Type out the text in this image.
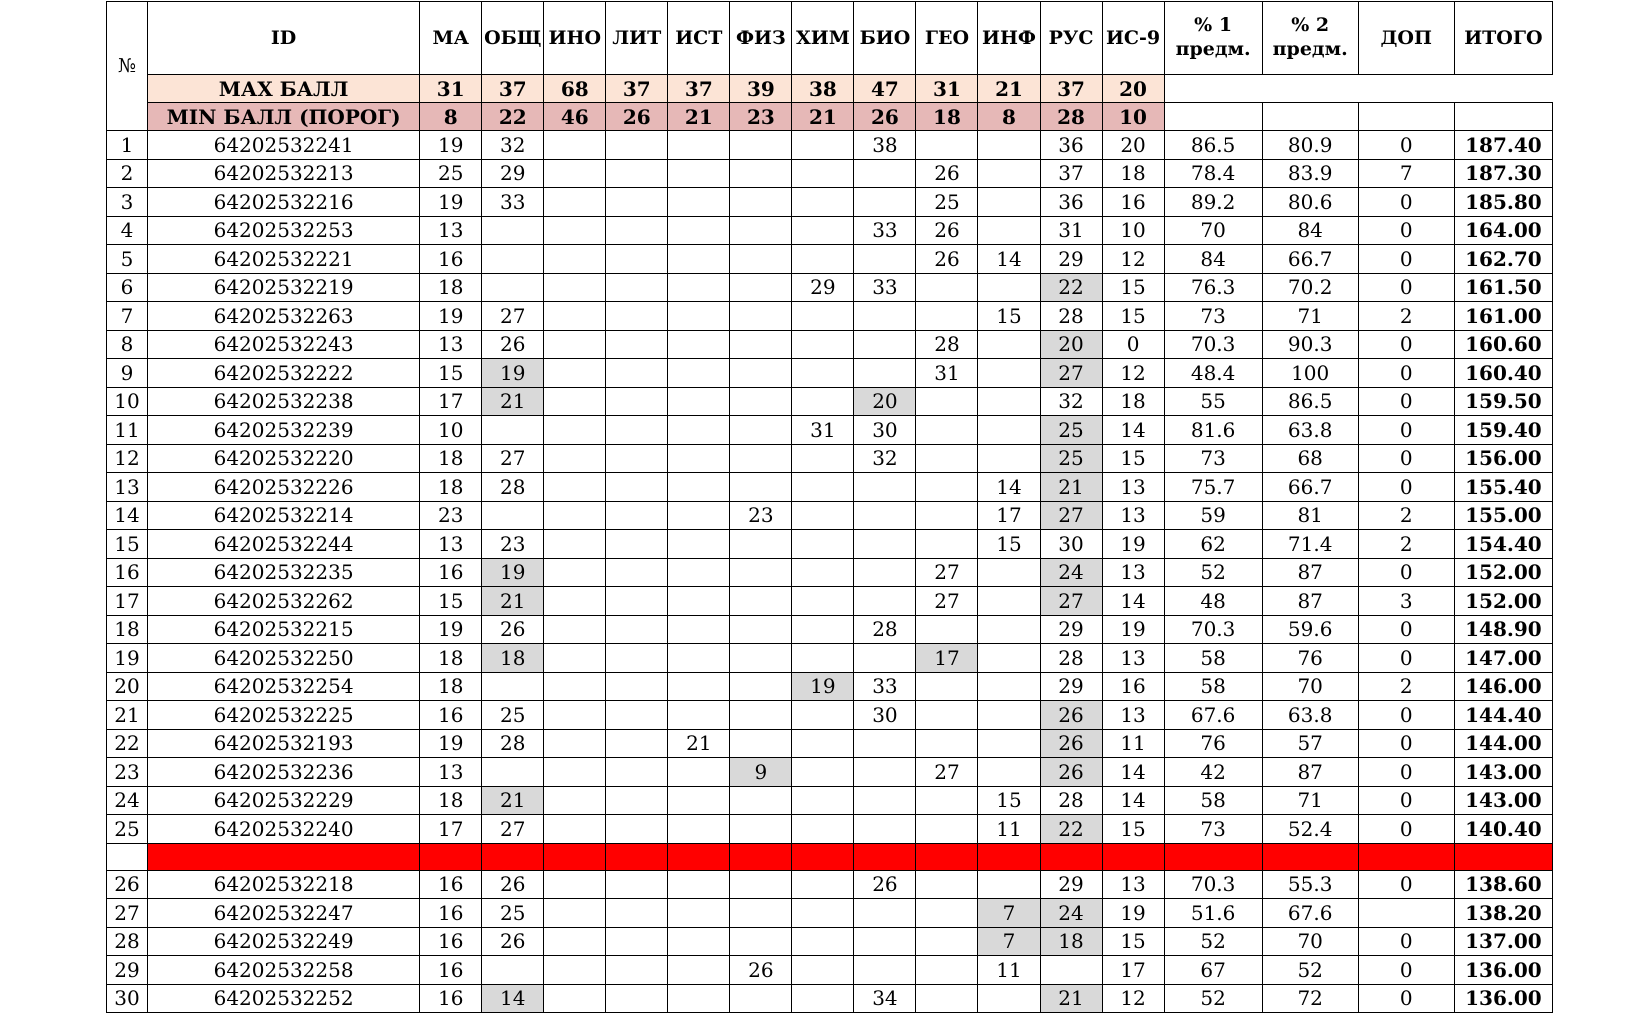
№	ID	МА	ОБЩ	ИНО	ЛИТ	ИСТ	ФИЗ	ХИМ	БИО	ГЕО	ИНФ	РУС	ИС-9	% 1 предм.	% 2 предм.	ДОП	ИТОГО
	МАХ БАЛЛ	31	37	68	37	37	39	38	47	31	21	37	20				
	MIN БАЛЛ (ПОРОГ)	8	22	46	26	21	23	21	26	18	8	28	10				
1	64202532241	19	32						38			36	20	86.5	80.9	0	187.40
2	64202532213	25	29							26		37	18	78.4	83.9	7	187.30
3	64202532216	19	33							25		36	16	89.2	80.6	0	185.80
4	64202532253	13							33	26		31	10	70	84	0	164.00
5	64202532221	16								26	14	29	12	84	66.7	0	162.70
6	64202532219	18						29	33			22	15	76.3	70.2	0	161.50
7	64202532263	19	27								15	28	15	73	71	2	161.00
8	64202532243	13	26							28		20	0	70.3	90.3	0	160.60
9	64202532222	15	19							31		27	12	48.4	100	0	160.40
10	64202532238	17	21						20			32	18	55	86.5	0	159.50
11	64202532239	10						31	30			25	14	81.6	63.8	0	159.40
12	64202532220	18	27						32			25	15	73	68	0	156.00
13	64202532226	18	28								14	21	13	75.7	66.7	0	155.40
14	64202532214	23					23				17	27	13	59	81	2	155.00
15	64202532244	13	23								15	30	19	62	71.4	2	154.40
16	64202532235	16	19							27		24	13	52	87	0	152.00
17	64202532262	15	21							27		27	14	48	87	3	152.00
18	64202532215	19	26						28			29	19	70.3	59.6	0	148.90
19	64202532250	18	18							17		28	13	58	76	0	147.00
20	64202532254	18						19	33			29	16	58	70	2	146.00
21	64202532225	16	25						30			26	13	67.6	63.8	0	144.40
22	64202532193	19	28			21						26	11	76	57	0	144.00
23	64202532236	13					9			27		26	14	42	87	0	143.00
24	64202532229	18	21								15	28	14	58	71	0	143.00
25	64202532240	17	27								11	22	15	73	52.4	0	140.40

26	64202532218	16	26						26			29	13	70.3	55.3	0	138.60
27	64202532247	16	25								7	24	19	51.6	67.6		138.20
28	64202532249	16	26								7	18	15	52	70	0	137.00
29	64202532258	16					26				11		17	67	52	0	136.00
30	64202532252	16	14						34			21	12	52	72	0	136.00
